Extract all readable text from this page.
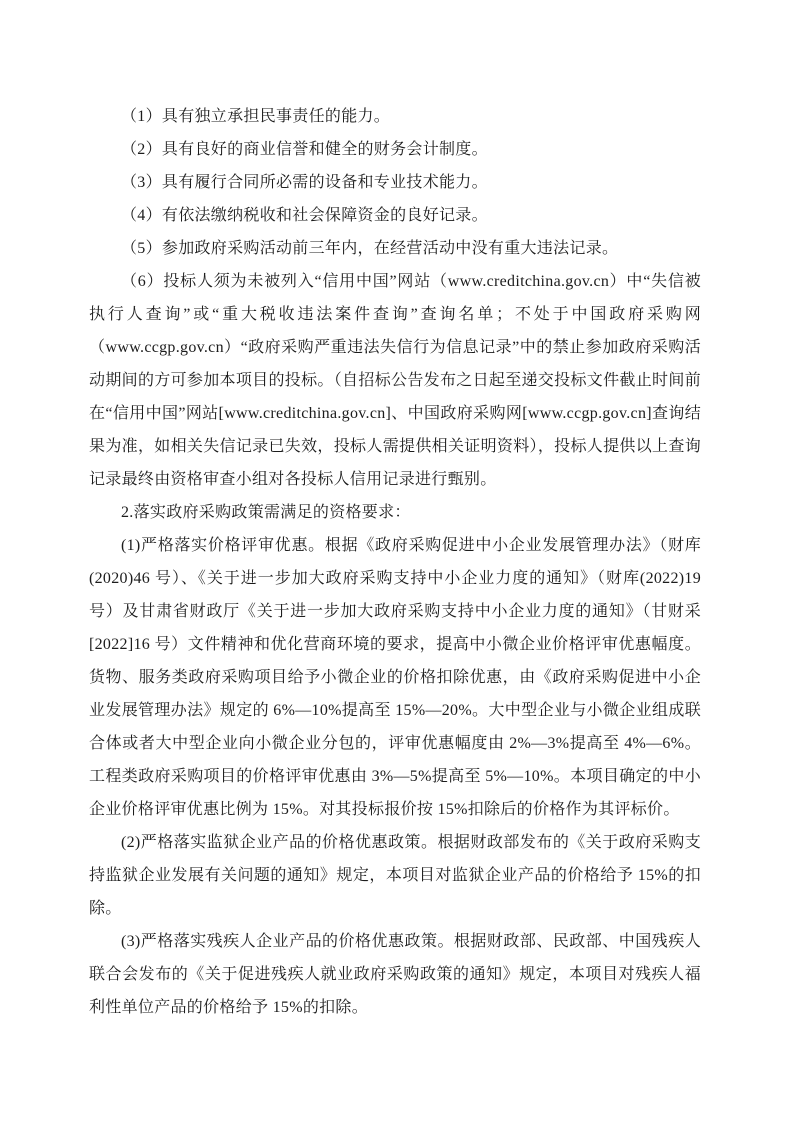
（1）具有独立承担民事责任的能力。

（2）具有良好的商业信誉和健全的财务会计制度。

（3）具有履行合同所必需的设备和专业技术能力。

（4）有依法缴纳税收和社会保障资金的良好记录。

（5）参加政府采购活动前三年内，在经营活动中没有重大违法记录。

（6）投标人须为未被列入“信用中国”网站（www.creditchina.gov.cn）中“失信被执行人查询”或“重大税收违法案件查询”查询名单；不处于中国政府采购网（www.ccgp.gov.cn）“政府采购严重违法失信行为信息记录”中的禁止参加政府采购活动期间的方可参加本项目的投标。（自招标公告发布之日起至递交投标文件截止时间前在“信用中国”网站[www.creditchina.gov.cn]、中国政府采购网[www.ccgp.gov.cn]查询结果为准，如相关失信记录已失效，投标人需提供相关证明资料），投标人提供以上查询记录最终由资格审查小组对各投标人信用记录进行甄别。

2.落实政府采购政策需满足的资格要求：

(1)严格落实价格评审优惠。根据《政府采购促进中小企业发展管理办法》（财库(2020)46 号）、《关于进一步加大政府采购支持中小企业力度的通知》（财库(2022)19 号）及甘肃省财政厅《关于进一步加大政府采购支持中小企业力度的通知》（甘财采[2022]16 号）文件精神和优化营商环境的要求，提高中小微企业价格评审优惠幅度。货物、服务类政府采购项目给予小微企业的价格扣除优惠，由《政府采购促进中小企业发展管理办法》规定的 6%—10%提高至 15%—20%。大中型企业与小微企业组成联合体或者大中型企业向小微企业分包的，评审优惠幅度由 2%—3%提高至 4%—6%。工程类政府采购项目的价格评审优惠由 3%—5%提高至 5%—10%。本项目确定的中小企业价格评审优惠比例为 15%。对其投标报价按 15%扣除后的价格作为其评标价。

(2)严格落实监狱企业产品的价格优惠政策。根据财政部发布的《关于政府采购支持监狱企业发展有关问题的通知》规定，本项目对监狱企业产品的价格给予 15%的扣除。

(3)严格落实残疾人企业产品的价格优惠政策。根据财政部、民政部、中国残疾人联合会发布的《关于促进残疾人就业政府采购政策的通知》规定，本项目对残疾人福利性单位产品的价格给予 15%的扣除。
